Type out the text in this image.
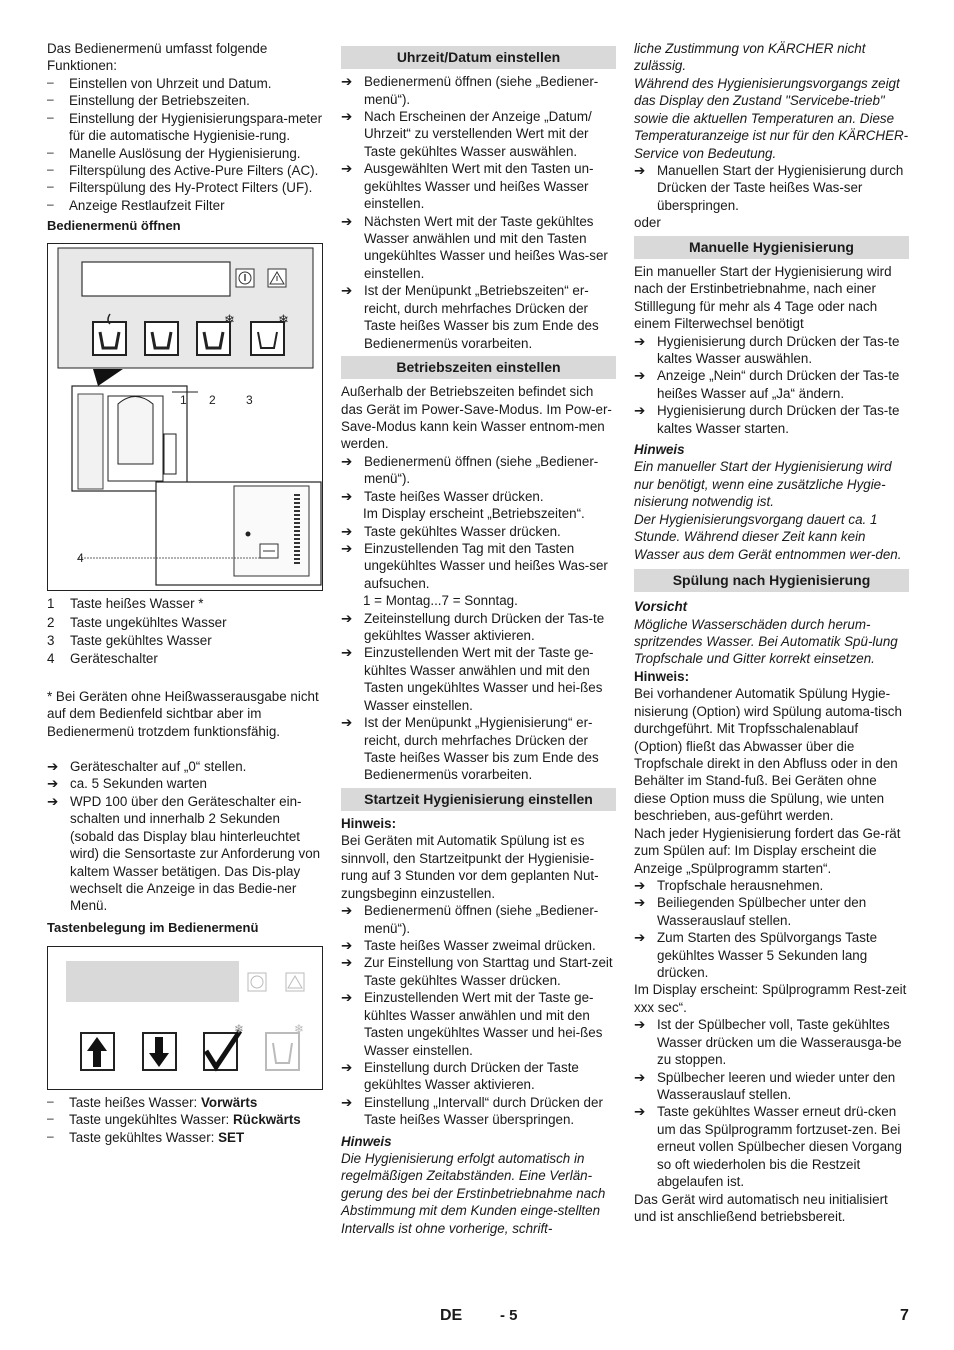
Das Bedienermenü umfasst folgende Funktionen:

–	Einstellen von Uhrzeit und Datum.
–	Einstellung der Betriebszeiten.
–	Einstellung der Hygienisierungspara-meter für die automatische Hygienisie-rung.
–	Manelle Auslösung der Hygienisierung.
–	Filterspülung des Active-Pure Filters (AC).
–	Filterspülung des Hy-Protect Filters (UF).
–	Anzeige Restlaufzeit Filter

Bedienermenü öffnen

❄	❄
1 2	3
4
1	Taste heißes Wasser *
2	Taste ungekühltes Wasser
3	Taste gekühltes Wasser
4	Geräteschalter

* Bei Geräten ohne Heißwasserausgabe nicht auf dem Bedienfeld sichtbar aber im Bedienermenü trotzdem funktionsfähig.

➔ Geräteschalter auf „0“ stellen.
➔ ca. 5 Sekunden warten
➔ WPD 100 über den Geräteschalter ein-schalten und innerhalb 2 Sekunden (sobald das Display blau hinterleuchtet wird) die Sensortaste zur Anforderung von kaltem Wasser betätigen. Das Dis-play wechselt die Anzeige in das Bedie-ner Menü.

Tastenbelegung im Bedienermenü

❄	❄
–	Taste heißes Wasser: Vorwärts
–	Taste ungekühltes Wasser: Rückwärts
–	Taste gekühltes Wasser: SET
Uhrzeit/Datum einstellen
➔ Bedienermenü öffnen (siehe „Bediener-menü“).
➔ Nach Erscheinen der Anzeige „Datum/ Uhrzeit“ zu verstellenden Wert mit der Taste gekühltes Wasser auswählen.
➔ Ausgewählten Wert mit den Tasten un-gekühltes Wasser und heißes Wasser einstellen.
➔ Nächsten Wert mit der Taste gekühltes Wasser anwählen und mit den Tasten ungekühltes Wasser und heißes Was-ser einstellen.
➔ Ist der Menüpunkt „Betriebszeiten“ er-reicht, durch mehrfaches Drücken der Taste heißes Wasser bis zum Ende des Bedienermenüs vorarbeiten.
Betriebszeiten einstellen

Außerhalb der Betriebszeiten befindet sich das Gerät im Power-Save-Modus. Im Pow-er-Save-Modus kann kein Wasser entnom-men werden.

➔ Bedienermenü öffnen (siehe „Bediener-menü“).
➔ Taste heißes Wasser drücken.

Im Display erscheint „Betriebszeiten“.

➔ Taste gekühltes Wasser drücken.
➔ Einzustellenden Tag mit den Tasten ungekühltes Wasser und heißes Was-ser aufsuchen.

1 = Montag...7 = Sonntag.

➔ Zeiteinstellung durch Drücken der Tas-te gekühltes Wasser aktivieren.
➔ Einzustellenden Wert mit der Taste ge-kühltes Wasser anwählen und mit den Tasten ungekühltes Wasser und hei-ßes Wasser einstellen.
➔ Ist der Menüpunkt „Hygienisierung“ er-reicht, durch mehrfaches Drücken der Taste heißes Wasser bis zum Ende des Bedienermenüs vorarbeiten.
Startzeit Hygienisierung einstellen

Hinweis:

Bei Geräten mit Automatik Spülung ist es sinnvoll, den Startzeitpunkt der Hygienisie-rung auf 3 Stunden vor dem geplanten Nut-zungsbeginn einzustellen.

➔ Bedienermenü öffnen (siehe „Bediener-menü“).
➔ Taste heißes Wasser zweimal drücken.
➔ Zur Einstellung von Starttag und Start-zeit Taste gekühltes Wasser drücken.
➔ Einzustellenden Wert mit der Taste ge-kühltes Wasser anwählen und mit den Tasten ungekühltes Wasser und hei-ßes Wasser einstellen.
➔ Einstellung durch Drücken der Taste gekühltes Wasser aktivieren.
➔ Einstellung „Intervall“ durch Drücken der Taste heißes Wasser überspringen.

Hinweis

Die Hygienisierung erfolgt automatisch in regelmäßigen Zeitabständen. Eine Verlän-gerung des bei der Erstinbetriebnahme nach Abstimmung mit dem Kunden einge-stellten Intervalls ist ohne vorherige, schrift-

liche Zustimmung von KÄRCHER nicht zulässig.

Während des Hygienisierungsvorgangs zeigt das Display den Zustand "Servicebe-trieb" sowie die aktuellen Temperaturen an. Diese Temperaturanzeige ist nur für den KÄRCHER-Service von Bedeutung.

➔ Manuellen Start der Hygienisierung durch Drücken der Taste heißes Was-ser überspringen.

oder

Manuelle Hygienisierung

Ein manueller Start der Hygienisierung wird nach der Erstinbetriebnahme, nach einer Stilllegung für mehr als 4 Tage oder nach einem Filterwechsel benötigt

➔ Hygienisierung durch Drücken der Tas-te kaltes Wasser auswählen.
➔ Anzeige „Nein“ durch Drücken der Tas-te heißes Wasser auf „Ja“ ändern.
➔ Hygienisierung durch Drücken der Tas-te kaltes Wasser starten.

Hinweis

Ein manueller Start der Hygienisierung wird nur benötigt, wenn eine zusätzliche Hygie-nisierung notwendig ist.

Der Hygienisierungsvorgang dauert ca. 1 Stunde. Während dieser Zeit kann kein Wasser aus dem Gerät entnommen wer-den.

Spülung nach Hygienisierung

Vorsicht

Mögliche Wasserschäden durch herum-spritzendes Wasser. Bei Automatik Spü-lung Tropfschale und Gitter korrekt einsetzen.

Hinweis:

Bei vorhandener Automatik Spülung Hygie-nisierung (Option) wird Spülung automa-tisch durchgeführt. Mit Tropfsschalenablauf (Option) fließt das Abwasser über die Tropfschale direkt in den Abfluss oder in den Behälter im Stand-fuß. Bei Geräten ohne diese Option muss die Spülung, wie unten beschrieben, aus-geführt werden.

Nach jeder Hygienisierung fordert das Ge-rät zum Spülen auf: Im Display erscheint die Anzeige „Spülprogramm starten“.

➔ Tropfschale herausnehmen.
➔ Beiliegenden Spülbecher unter den Wasserauslauf stellen.
➔ Zum Starten des Spülvorgangs Taste gekühltes Wasser 5 Sekunden lang drücken.

Im Display erscheint: Spülprogramm Rest-zeit xxx sec“.

➔ Ist der Spülbecher voll, Taste gekühltes Wasser drücken um die Wasserausga-be zu stoppen.
➔ Spülbecher leeren und wieder unter den Wasserauslauf stellen.
➔ Taste gekühltes Wasser erneut drü-cken um das Spülprogramm fortzuset-zen. Bei erneut vollen Spülbecher diesen Vorgang so oft wiederholen bis die Restzeit abgelaufen ist.

Das Gerät wird automatisch neu initialisiert und ist anschließend betriebsbereit.

DE	- 5	7
